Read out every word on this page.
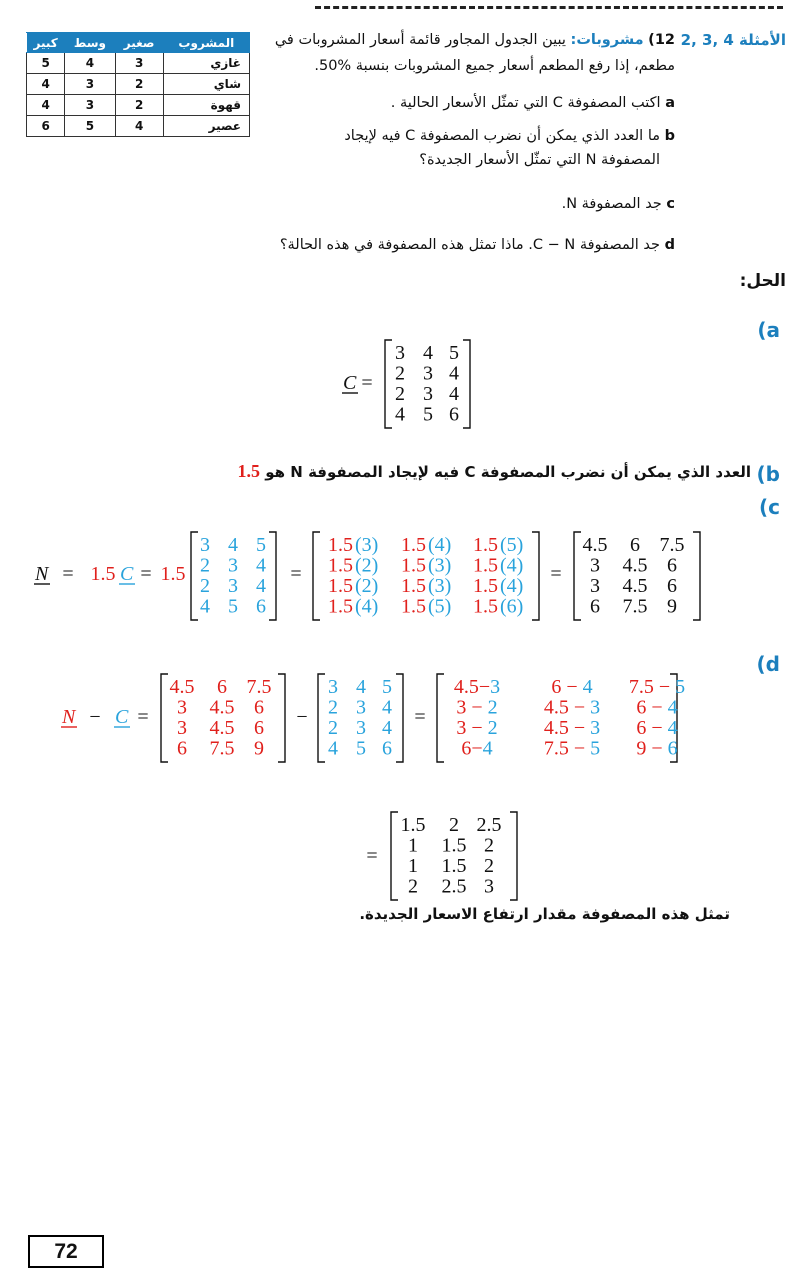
كبير	وسط	صغير	المشروب
5	4	3	غازي
4	3	2	شاي
4	3	2	قهوة
6	5	4	عصير
2, 3, 4 الأمثلة
12) مشروبات: يبين الجدول المجاور قائمة أسعار المشروبات في
مطعم، إذا رفع المطعم أسعار جميع المشروبات بنسبة %50.
a اكتب المصفوفة C التي تمثّل الأسعار الحالية .
b ما العدد الذي يمكن أن نضرب المصفوفة C فيه لإيجاد
المصفوفة N التي تمثّل الأسعار الجديدة؟
c جد المصفوفة N.
d جد المصفوفة C − N. ماذا تمثل هذه المصفوفة في هذه الحالة؟
الحل:
(a
(b
(c
(d
العدد الذي يمكن أن نضرب المصفوفة C فيه لإيجاد المصفوفة N هو 1.5
C =
3 4 5
2 3 4
2 3 4
4 5 6
N = 1.5 C = 1.5
3 4 5
2 3 4
2 3 4
4 5 6
=
1.5 (3) 1.5 (4) 1.5 (5)
1.5 (2) 1.5 (3) 1.5 (4)
1.5 (2) 1.5 (3) 1.5 (4)
1.5 (4) 1.5 (5) 1.5 (6)
=
4.5 6 7.5
3 4.5 6
3 4.5 6
6 7.5 9
N − C =
4.5 6 7.5
3 4.5 6
3 4.5 6
6 7.5 9
−
3 4 5
2 3 4
2 3 4
4 5 6
=
4.5−3	6 − 4 7.5 − 5
3 − 2 4.5 − 3 6 − 4
3 − 2 4.5 − 3 6 − 4
6−4	7.5 − 5 9 − 6
=
1.5 2 2.5
1 1.5 2
1 1.5 2
2 2.5 3
تمثل هذه المصفوفة مقدار ارتفاع الاسعار الجديدة.
72
